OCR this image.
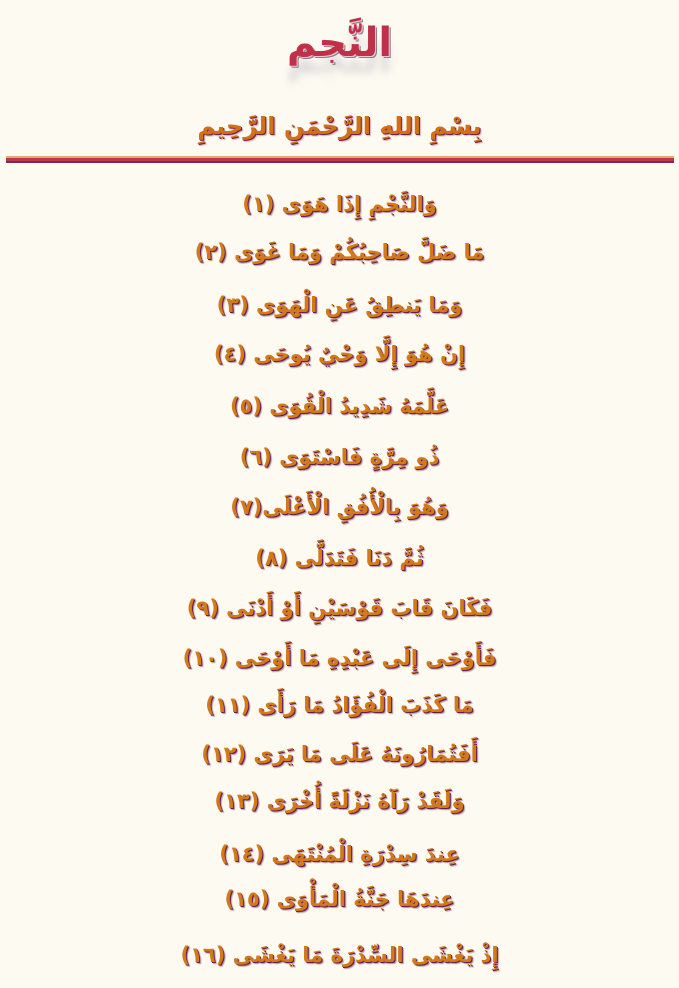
النَّجم
بِسْمِ اللهِ الرَّحْمَنِ الرَّحِيمِ
وَالنَّجْمِ إِذَا هَوَى (١)
مَا ضَلَّ صَاحِبُكُمْ وَمَا غَوَى (٢)
وَمَا يَنطِقُ عَنِ الْهَوَى (٣)
إِنْ هُوَ إِلَّا وَحْيٌ يُوحَى (٤)
عَلَّمَهُ شَدِيدُ الْقُوَى (٥)
ذُو مِرَّةٍ فَاسْتَوَى (٦)
وَهُوَ بِالْأُفُقِ الْأَعْلَى(٧)
ثُمَّ دَنَا فَتَدَلَّى (٨)
فَكَانَ قَابَ قَوْسَيْنِ أَوْ أَدْنَى (٩)
فَأَوْحَى إِلَى عَبْدِهِ مَا أَوْحَى (١٠)
مَا كَذَبَ الْفُؤَادُ مَا رَأَى (١١)
أَفَتُمَارُونَهُ عَلَى مَا يَرَى (١٢)
وَلَقَدْ رَآهُ نَزْلَةً أُخْرَى (١٣)
عِندَ سِدْرَةِ الْمُنْتَهَى (١٤)
عِندَهَا جَنَّةُ الْمَأْوَى (١٥)
إِذْ يَغْشَى السِّدْرَةَ مَا يَغْشَى (١٦)
